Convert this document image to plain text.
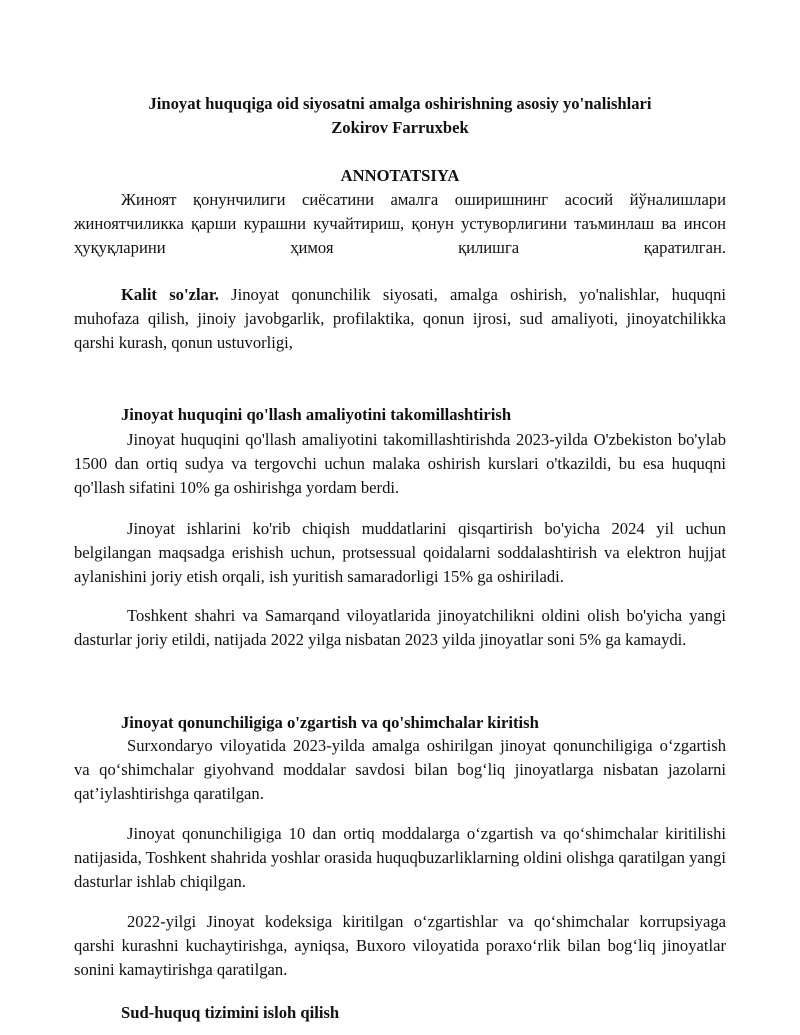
Jinoyat huquqiga oid siyosatni amalga oshirishning asosiy yo'nalishlari

Zokirov Farruxbek

ANNOTATSIYA

Жиноят қонунчилиги сиёсатини амалга оширишнинг асосий йўналишлари жиноятчиликка қарши курашни кучайтириш, қонун устуворлигини таъминлаш ва инсон ҳуқуқларини ҳимоя қилишга қаратилган.

Kalit so'zlar. Jinoyat qonunchilik siyosati, amalga oshirish, yo'nalishlar, huquqni muhofaza qilish, jinoiy javobgarlik, profilaktika, qonun ijrosi, sud amaliyoti, jinoyatchilikka qarshi kurash, qonun ustuvorligi,

Jinoyat huquqini qo'llash amaliyotini takomillashtirish

Jinoyat huquqini qo'llash amaliyotini takomillashtirishda 2023-yilda O'zbekiston bo'ylab 1500 dan ortiq sudya va tergovchi uchun malaka oshirish kurslari o'tkazildi, bu esa huquqni qo'llash sifatini 10% ga oshirishga yordam berdi.

Jinoyat ishlarini ko'rib chiqish muddatlarini qisqartirish bo'yicha 2024 yil uchun belgilangan maqsadga erishish uchun, protsessual qoidalarni soddalashtirish va elektron hujjat aylanishini joriy etish orqali, ish yuritish samaradorligi 15% ga oshiriladi.

Toshkent shahri va Samarqand viloyatlarida jinoyatchilikni oldini olish bo'yicha yangi dasturlar joriy etildi, natijada 2022 yilga nisbatan 2023 yilda jinoyatlar soni 5% ga kamaydi.

Jinoyat qonunchiligiga o'zgartish va qo'shimchalar kiritish

Surxondaryo viloyatida 2023-yilda amalga oshirilgan jinoyat qonunchiligiga o‘zgartish va qo‘shimchalar giyohvand moddalar savdosi bilan bog‘liq jinoyatlarga nisbatan jazolarni qat’iylashtirishga qaratilgan.

Jinoyat qonunchiligiga 10 dan ortiq moddalarga o‘zgartish va qo‘shimchalar kiritilishi natijasida, Toshkent shahrida yoshlar orasida huquqbuzarliklarning oldini olishga qaratilgan yangi dasturlar ishlab chiqilgan.

2022-yilgi Jinoyat kodeksiga kiritilgan o‘zgartishlar va qo‘shimchalar korrupsiyaga qarshi kurashni kuchaytirishga, ayniqsa, Buxoro viloyatida poraxo‘rlik bilan bog‘liq jinoyatlar sonini kamaytirishga qaratilgan.

Sud-huquq tizimini isloh qilish
